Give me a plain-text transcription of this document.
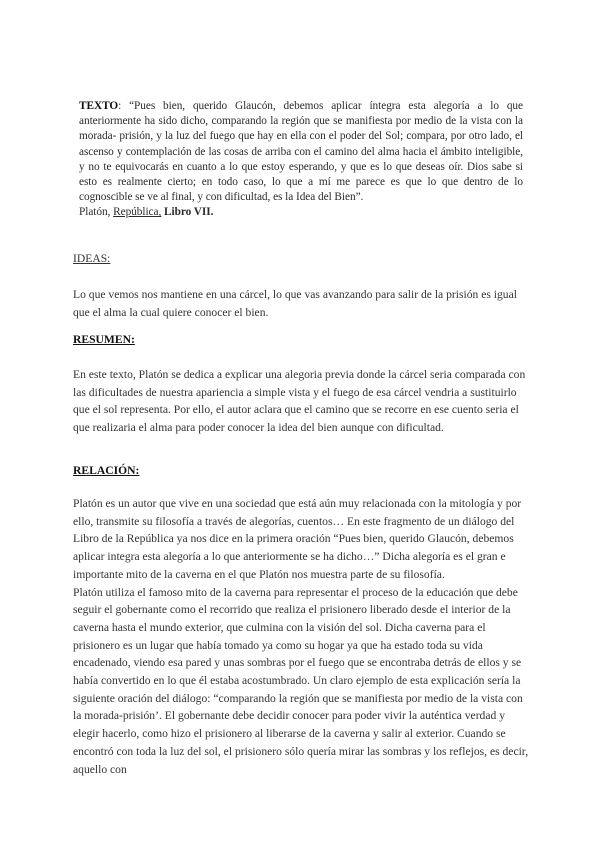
TEXTO: “Pues bien, querido Glaucón, debemos aplicar íntegra esta alegoría a lo que anteriormente ha sido dicho, comparando la región que se manifiesta por medio de la vista con la morada- prisión, y la luz del fuego que hay en ella con el poder del Sol; compara, por otro lado, el ascenso y contemplación de las cosas de arriba con el camino del alma hacia el ámbito inteligible, y no te equivocarás en cuanto a lo que estoy esperando, y que es lo que deseas oír. Dios sabe si esto es realmente cierto; en todo caso, lo que a mí me parece es que lo que dentro de lo cognoscible se ve al final, y con dificultad, es la Idea del Bien”.

Platón, República, Libro VII.

IDEAS:

Lo que vemos nos mantiene en una cárcel, lo que vas avanzando para salir de la prisión es igual que el alma la cual quiere conocer el bien.

RESUMEN:

En este texto, Platón se dedica a explicar una alegoria previa donde la cárcel seria comparada con las dificultades de nuestra apariencia a simple vista y el fuego de esa cárcel vendria a sustituirlo que el sol representa. Por ello, el autor aclara que el camino que se recorre en ese cuento seria el que realizaria el alma para poder conocer la idea del bien aunque con dificultad.

RELACIÓN:

Platón es un autor que vive en una sociedad que está aún muy relacionada con la mitología y por ello, transmite su filosofía a través de alegorías, cuentos… En este fragmento de un diálogo del Libro de la República ya nos dice en la primera oración “Pues bien, querido Glaucón, debemos aplicar integra esta alegoría a lo que anteriormente se ha dicho…” Dicha alegoría es el gran e importante mito de la caverna en el que Platón nos muestra parte de su filosofía.

Platón utiliza el famoso mito de la caverna para representar el proceso de la educación que debe seguir el gobernante como el recorrido que realiza el prisionero liberado desde el interior de la caverna hasta el mundo exterior, que culmina con la visión del sol. Dicha caverna para el prisionero es un lugar que había tomado ya como su hogar ya que ha estado toda su vida encadenado, viendo esa pared y unas sombras por el fuego que se encontraba detrás de ellos y se había convertido en lo que él estaba acostumbrado. Un claro ejemplo de esta explicación sería la siguiente oración del diálogo: “comparando la región que se manifiesta por medio de la vista con la morada-prisión’. El gobernante debe decidir conocer para poder vivir la auténtica verdad y elegir hacerlo, como hizo el prisionero al liberarse de la caverna y salir al exterior. Cuando se encontró con toda la luz del sol, el prisionero sólo quería mirar las sombras y los reflejos, es decir, aquello con
